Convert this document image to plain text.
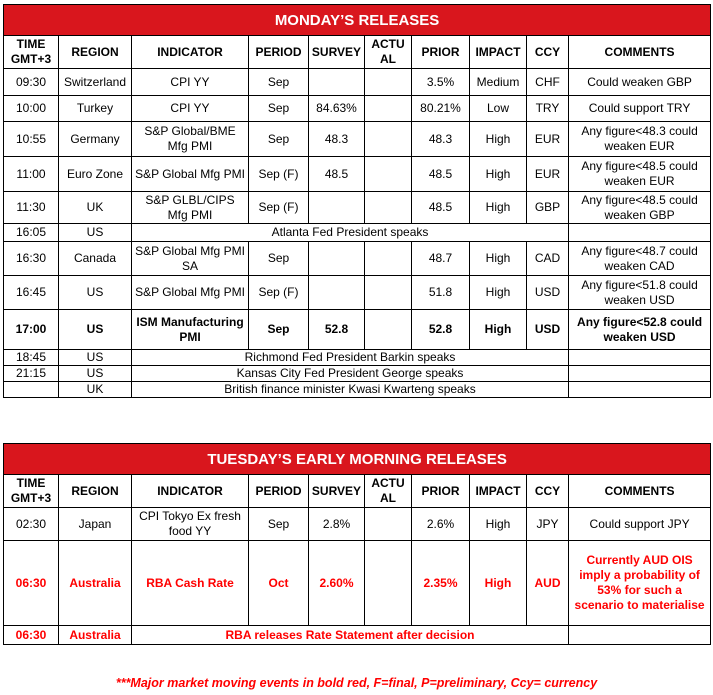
MONDAY’S RELEASES									
TIME GMT+3	REGION	INDICATOR	PERIOD	SURVEY	ACTU AL	PRIOR	IMPACT	CCY	COMMENTS
09:30	Switzerland	CPI YY	Sep			3.5%	Medium	CHF	Could weaken GBP
10:00	Turkey	CPI YY	Sep	84.63%		80.21%	Low	TRY	Could support TRY
10:55	Germany	S&P Global/BME Mfg PMI	Sep	48.3		48.3	High	EUR	Any figure<48.3 could weaken EUR
11:00	Euro Zone	S&P Global Mfg PMI	Sep (F)	48.5		48.5	High	EUR	Any figure<48.5 could weaken EUR
11:30	UK	S&P GLBL/CIPS Mfg PMI	Sep (F)			48.5	High	GBP	Any figure<48.5 could weaken GBP
16:05	US	Atlanta Fed President speaks							
16:30	Canada	S&P Global Mfg PMI SA	Sep			48.7	High	CAD	Any figure<48.7 could weaken CAD
16:45	US	S&P Global Mfg PMI	Sep (F)			51.8	High	USD	Any figure<51.8 could weaken USD
17:00	US	ISM Manufacturing PMI	Sep	52.8		52.8	High	USD	Any figure<52.8 could weaken USD
18:45	US	Richmond Fed President Barkin speaks							
21:15	US	Kansas City Fed President George speaks							
	UK	British finance minister Kwasi Kwarteng speaks							
TUESDAY’S EARLY MORNING RELEASES									
TIME GMT+3	REGION	INDICATOR	PERIOD	SURVEY	ACTU AL	PRIOR	IMPACT	CCY	COMMENTS
02:30	Japan	CPI Tokyo Ex fresh food YY	Sep	2.8%		2.6%	High	JPY	Could support JPY
06:30	Australia	RBA Cash Rate	Oct	2.60%		2.35%	High	AUD	Currently AUD OIS imply a probability of 53% for such a scenario to materialise
06:30	Australia	RBA releases Rate Statement after decision							
***Major market moving events in bold red, F=final, P=preliminary, Ccy= currency
